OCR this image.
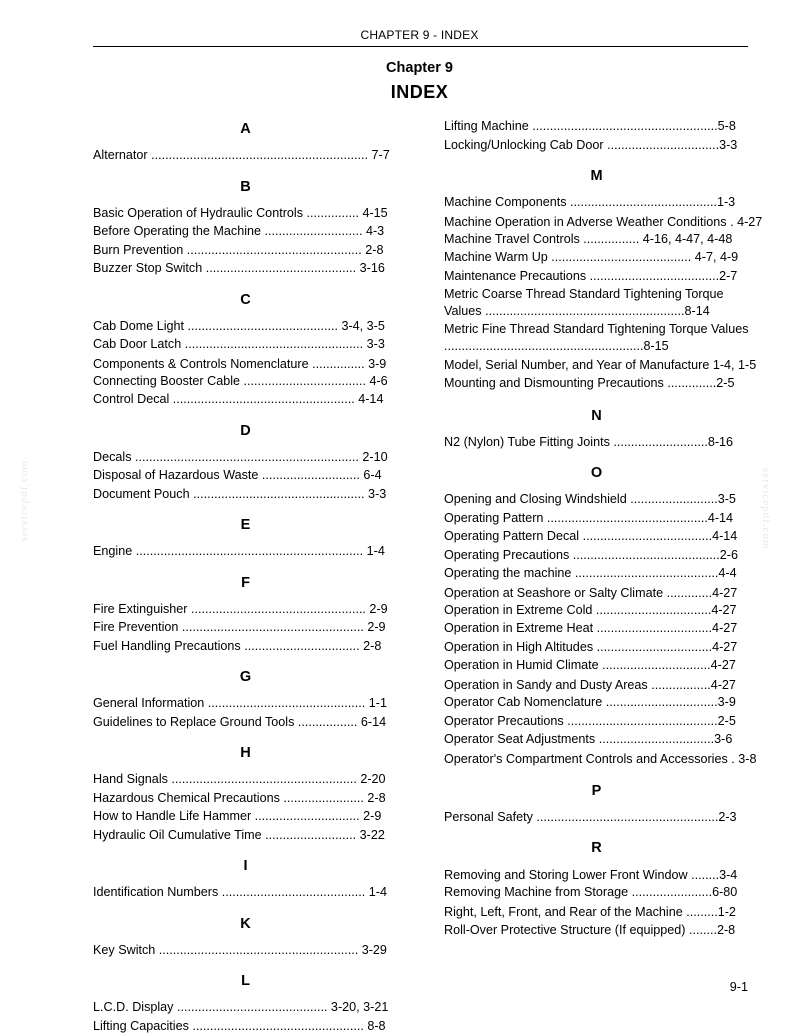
CHAPTER 9 - INDEX
Chapter 9
INDEX
A
Alternator .............................................................. 7-7
B
Basic Operation of Hydraulic Controls ............... 4-15
Before Operating the Machine ............................ 4-3
Burn Prevention .................................................. 2-8
Buzzer Stop Switch ........................................... 3-16
C
Cab Dome Light ........................................... 3-4, 3-5
Cab Door Latch ................................................... 3-3
Components & Controls Nomenclature ............... 3-9
Connecting Booster Cable ................................... 4-6
Control Decal .................................................... 4-14
D
Decals ................................................................ 2-10
Disposal of Hazardous Waste ............................ 6-4
Document Pouch ................................................. 3-3
E
Engine ................................................................. 1-4
F
Fire Extinguisher .................................................. 2-9
Fire Prevention .................................................... 2-9
Fuel Handling Precautions ................................. 2-8
G
General Information ............................................. 1-1
Guidelines to Replace Ground Tools ................. 6-14
H
Hand Signals ..................................................... 2-20
Hazardous Chemical Precautions ....................... 2-8
How to Handle Life Hammer .............................. 2-9
Hydraulic Oil Cumulative Time .......................... 3-22
I
Identification Numbers ......................................... 1-4
K
Key Switch ......................................................... 3-29
L
L.C.D. Display ........................................... 3-20, 3-21
Lifting Capacities ................................................. 8-8
Lifting Machine .....................................................5-8
Locking/Unlocking Cab Door ................................3-3
M
Machine Components ..........................................1-3
Machine Operation in Adverse Weather Conditions . 4-27
Machine Travel Controls ................ 4-16, 4-47, 4-48
Machine Warm Up ........................................ 4-7, 4-9
Maintenance Precautions .....................................2-7
Metric Coarse Thread Standard Tightening Torque Values .........................................................8-14
Metric Fine Thread Standard Tightening Torque Values .........................................................8-15
Model, Serial Number, and Year of Manufacture 1-4, 1-5
Mounting and Dismounting Precautions ..............2-5
N
N2 (Nylon) Tube Fitting Joints ...........................8-16
O
Opening and Closing Windshield .........................3-5
Operating Pattern ..............................................4-14
Operating Pattern Decal .....................................4-14
Operating Precautions ..........................................2-6
Operating the machine .........................................4-4
Operation at Seashore or Salty Climate .............4-27
Operation in Extreme Cold .................................4-27
Operation in Extreme Heat .................................4-27
Operation in High Altitudes .................................4-27
Operation in Humid Climate ...............................4-27
Operation in Sandy and Dusty Areas .................4-27
Operator Cab Nomenclature ................................3-9
Operator Precautions ...........................................2-5
Operator Seat Adjustments .................................3-6
Operator's Compartment Controls and Accessories . 3-8
P
Personal Safety ....................................................2-3
R
Removing and Storing Lower Front Window ........3-4
Removing Machine from Storage .......................6-80
Right, Left, Front, and Rear of the Machine .........1-2
Roll-Over Protective Structure (If equipped) ........2-8
9-1
servicepdf.com	servicepdf.com
